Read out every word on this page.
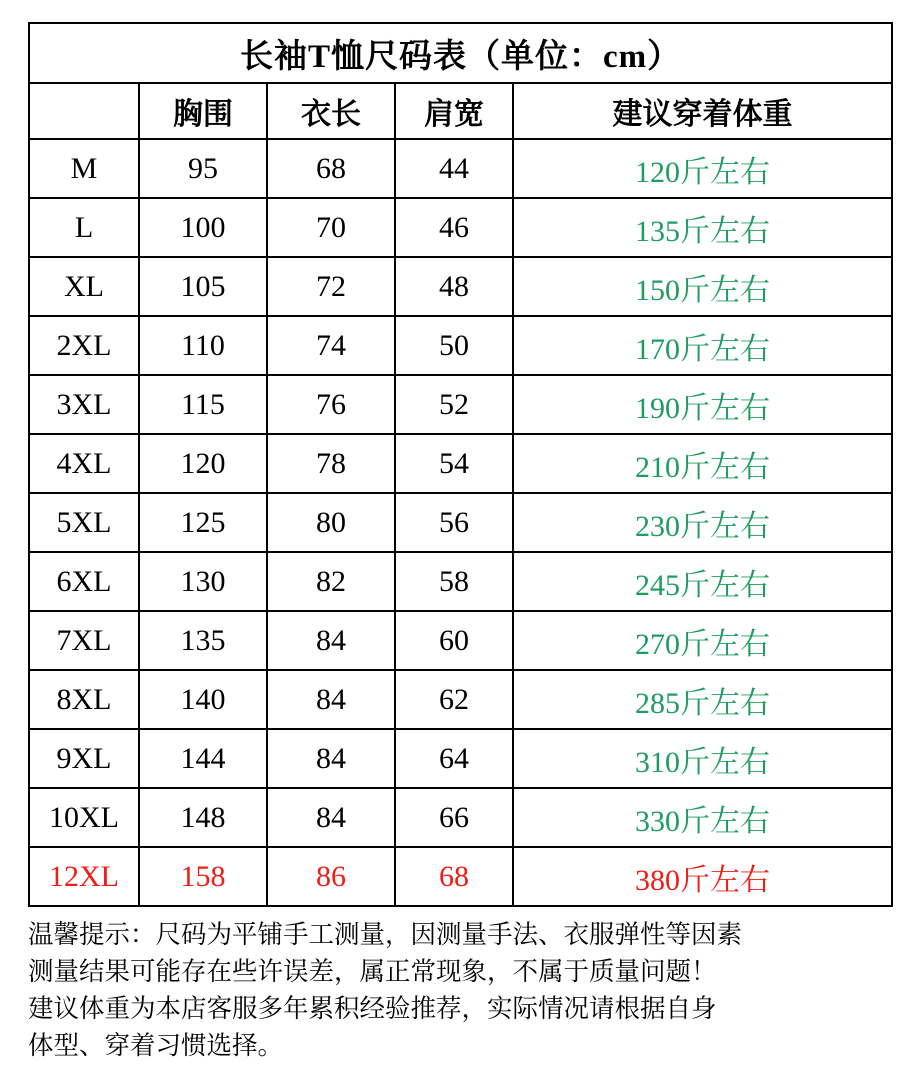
长袖T恤尺码表（单位：cm）				
	胸围	衣长	肩宽	建议穿着体重
M	95	68	44	120斤左右
L	100	70	46	135斤左右
XL	105	72	48	150斤左右
2XL	110	74	50	170斤左右
3XL	115	76	52	190斤左右
4XL	120	78	54	210斤左右
5XL	125	80	56	230斤左右
6XL	130	82	58	245斤左右
7XL	135	84	60	270斤左右
8XL	140	84	62	285斤左右
9XL	144	84	64	310斤左右
10XL	148	84	66	330斤左右
12XL	158	86	68	380斤左右

温馨提示：尺码为平铺手工测量，因测量手法、衣服弹性等因素

测量结果可能存在些许误差，属正常现象，不属于质量问题！

建议体重为本店客服多年累积经验推荐，实际情况请根据自身

体型、穿着习惯选择。
